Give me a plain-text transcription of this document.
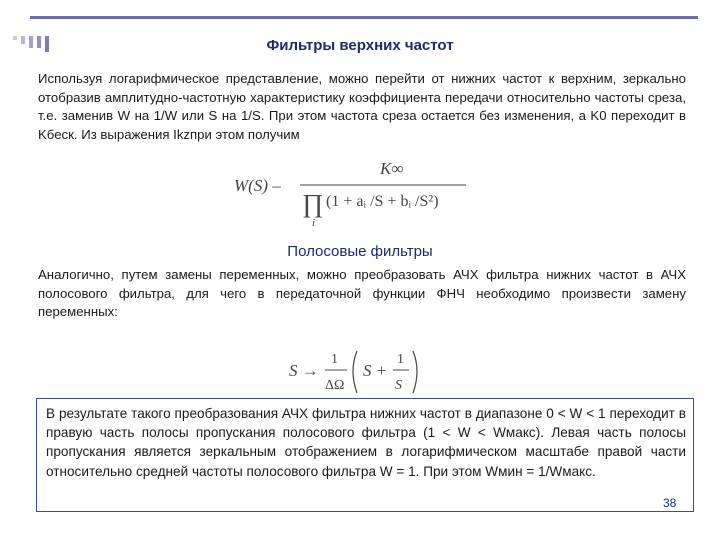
Фильтры верхних частот

Используя логарифмическое представление, можно перейти от нижних частот к верхним, зеркально отобразив амплитудно-частотную характеристику коэффициента передачи относительно частоты среза, т.е. заменив W на 1/W или S на 1/S. При этом частота среза остается без изменения, а K0 переходит в Kбеск. Из выражения Ikzпри этом получим

W(S) –
K∞
∏
i
(1 + aᵢ /S + bᵢ /S²)
Полосовые фильтры

Аналогично, путем замены переменных, можно преобразовать АЧХ фильтра нижних частот в АЧХ полосового фильтра, для чего в передаточной функции ФНЧ необходимо произвести замену переменных:

S →
1
ΔΩ
S +
1
S

В результате такого преобразования АЧХ фильтра нижних частот в диапазоне 0 < W < 1 переходит в правую часть полосы пропускания полосового фильтра (1 < W < Wмакс). Левая часть полосы пропускания является зеркальным отображением в логарифмическом масштабе правой части относительно средней частоты полосового фильтра W = 1. При этом Wмин = 1/Wмакс.

38
